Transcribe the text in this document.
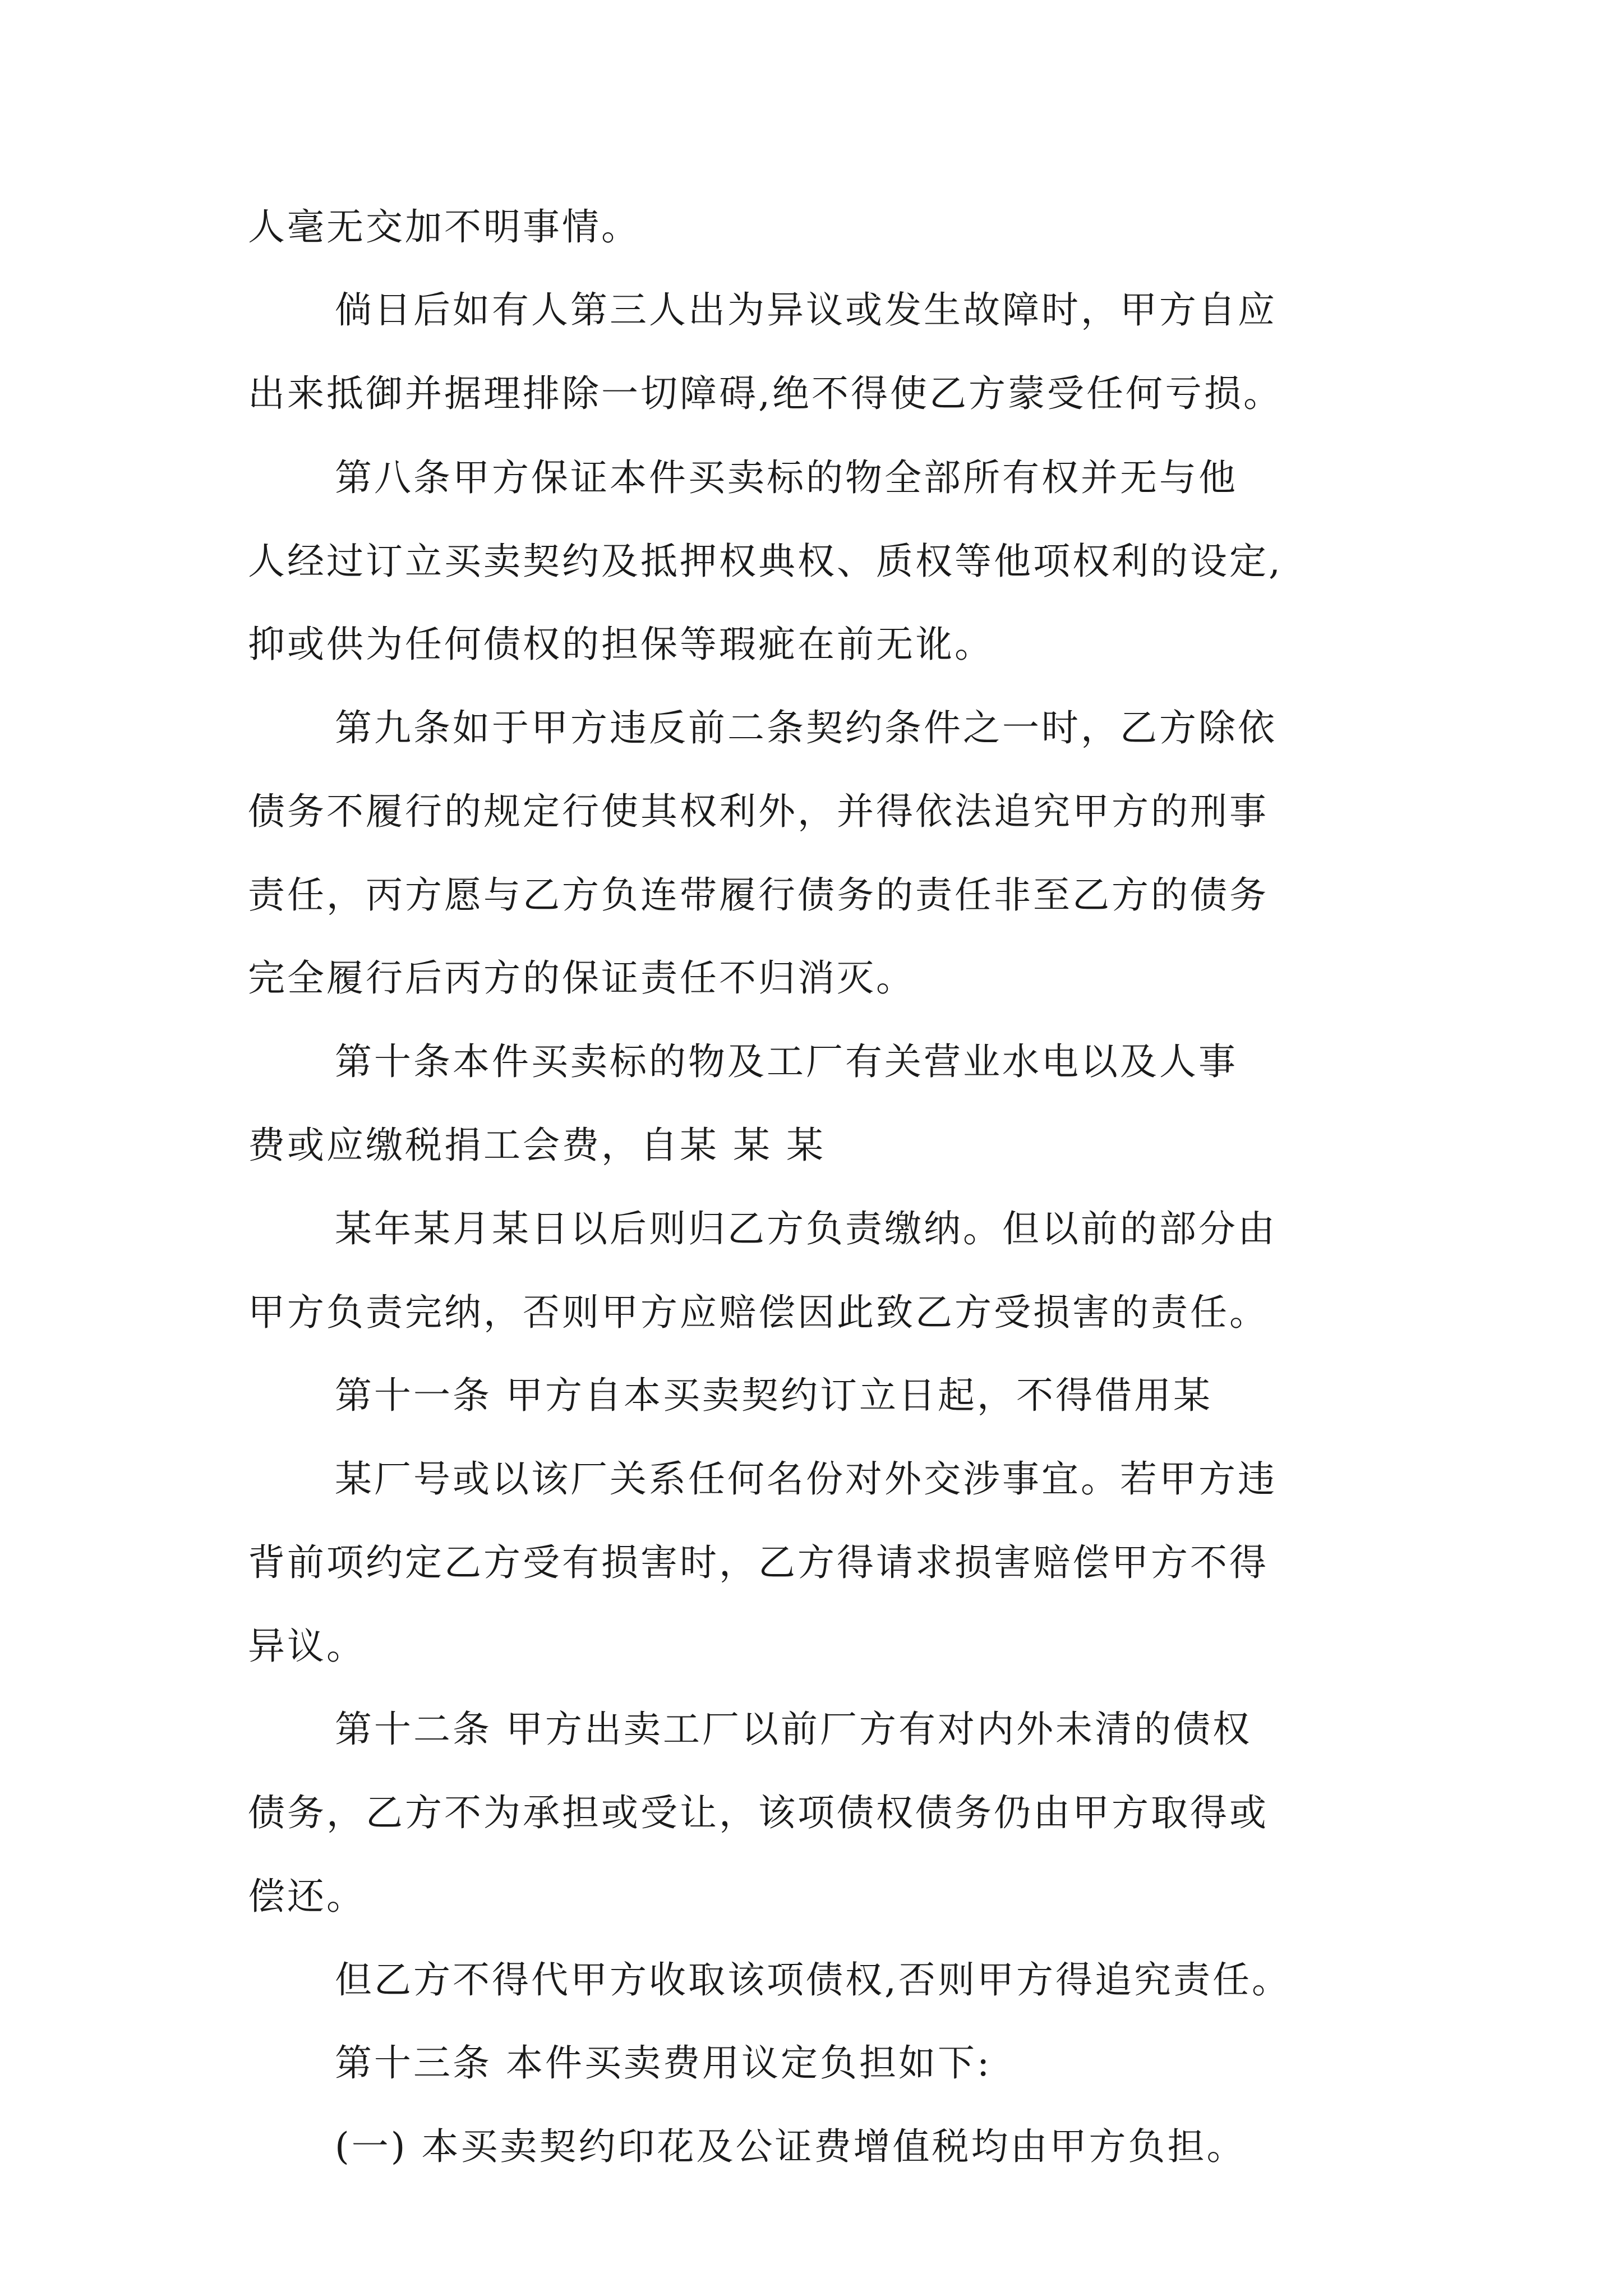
人毫无交加不明事情。
倘日后如有人第三人出为异议或发生故障时，甲方自应
出来抵御并据理排除一切障碍,绝不得使乙方蒙受任何亏损。
第八条甲方保证本件买卖标的物全部所有权并无与他
人经过订立买卖契约及抵押权典权、质权等他项权利的设定,
抑或供为任何债权的担保等瑕疵在前无讹。
第九条如于甲方违反前二条契约条件之一时，乙方除依
债务不履行的规定行使其权利外，并得依法追究甲方的刑事
责任，丙方愿与乙方负连带履行债务的责任非至乙方的债务
完全履行后丙方的保证责任不归消灭。
第十条本件买卖标的物及工厂有关营业水电以及人事
费或应缴税捐工会费，自某 某 某
某年某月某日以后则归乙方负责缴纳。但以前的部分由
甲方负责完纳，否则甲方应赔偿因此致乙方受损害的责任。
第十一条 甲方自本买卖契约订立日起，不得借用某
某厂号或以该厂关系任何名份对外交涉事宜。若甲方违
背前项约定乙方受有损害时，乙方得请求损害赔偿甲方不得
异议。
第十二条 甲方出卖工厂以前厂方有对内外未清的债权
债务，乙方不为承担或受让，该项债权债务仍由甲方取得或
偿还。
但乙方不得代甲方收取该项债权,否则甲方得追究责任。
第十三条 本件买卖费用议定负担如下:
(一) 本买卖契约印花及公证费增值税均由甲方负担。
